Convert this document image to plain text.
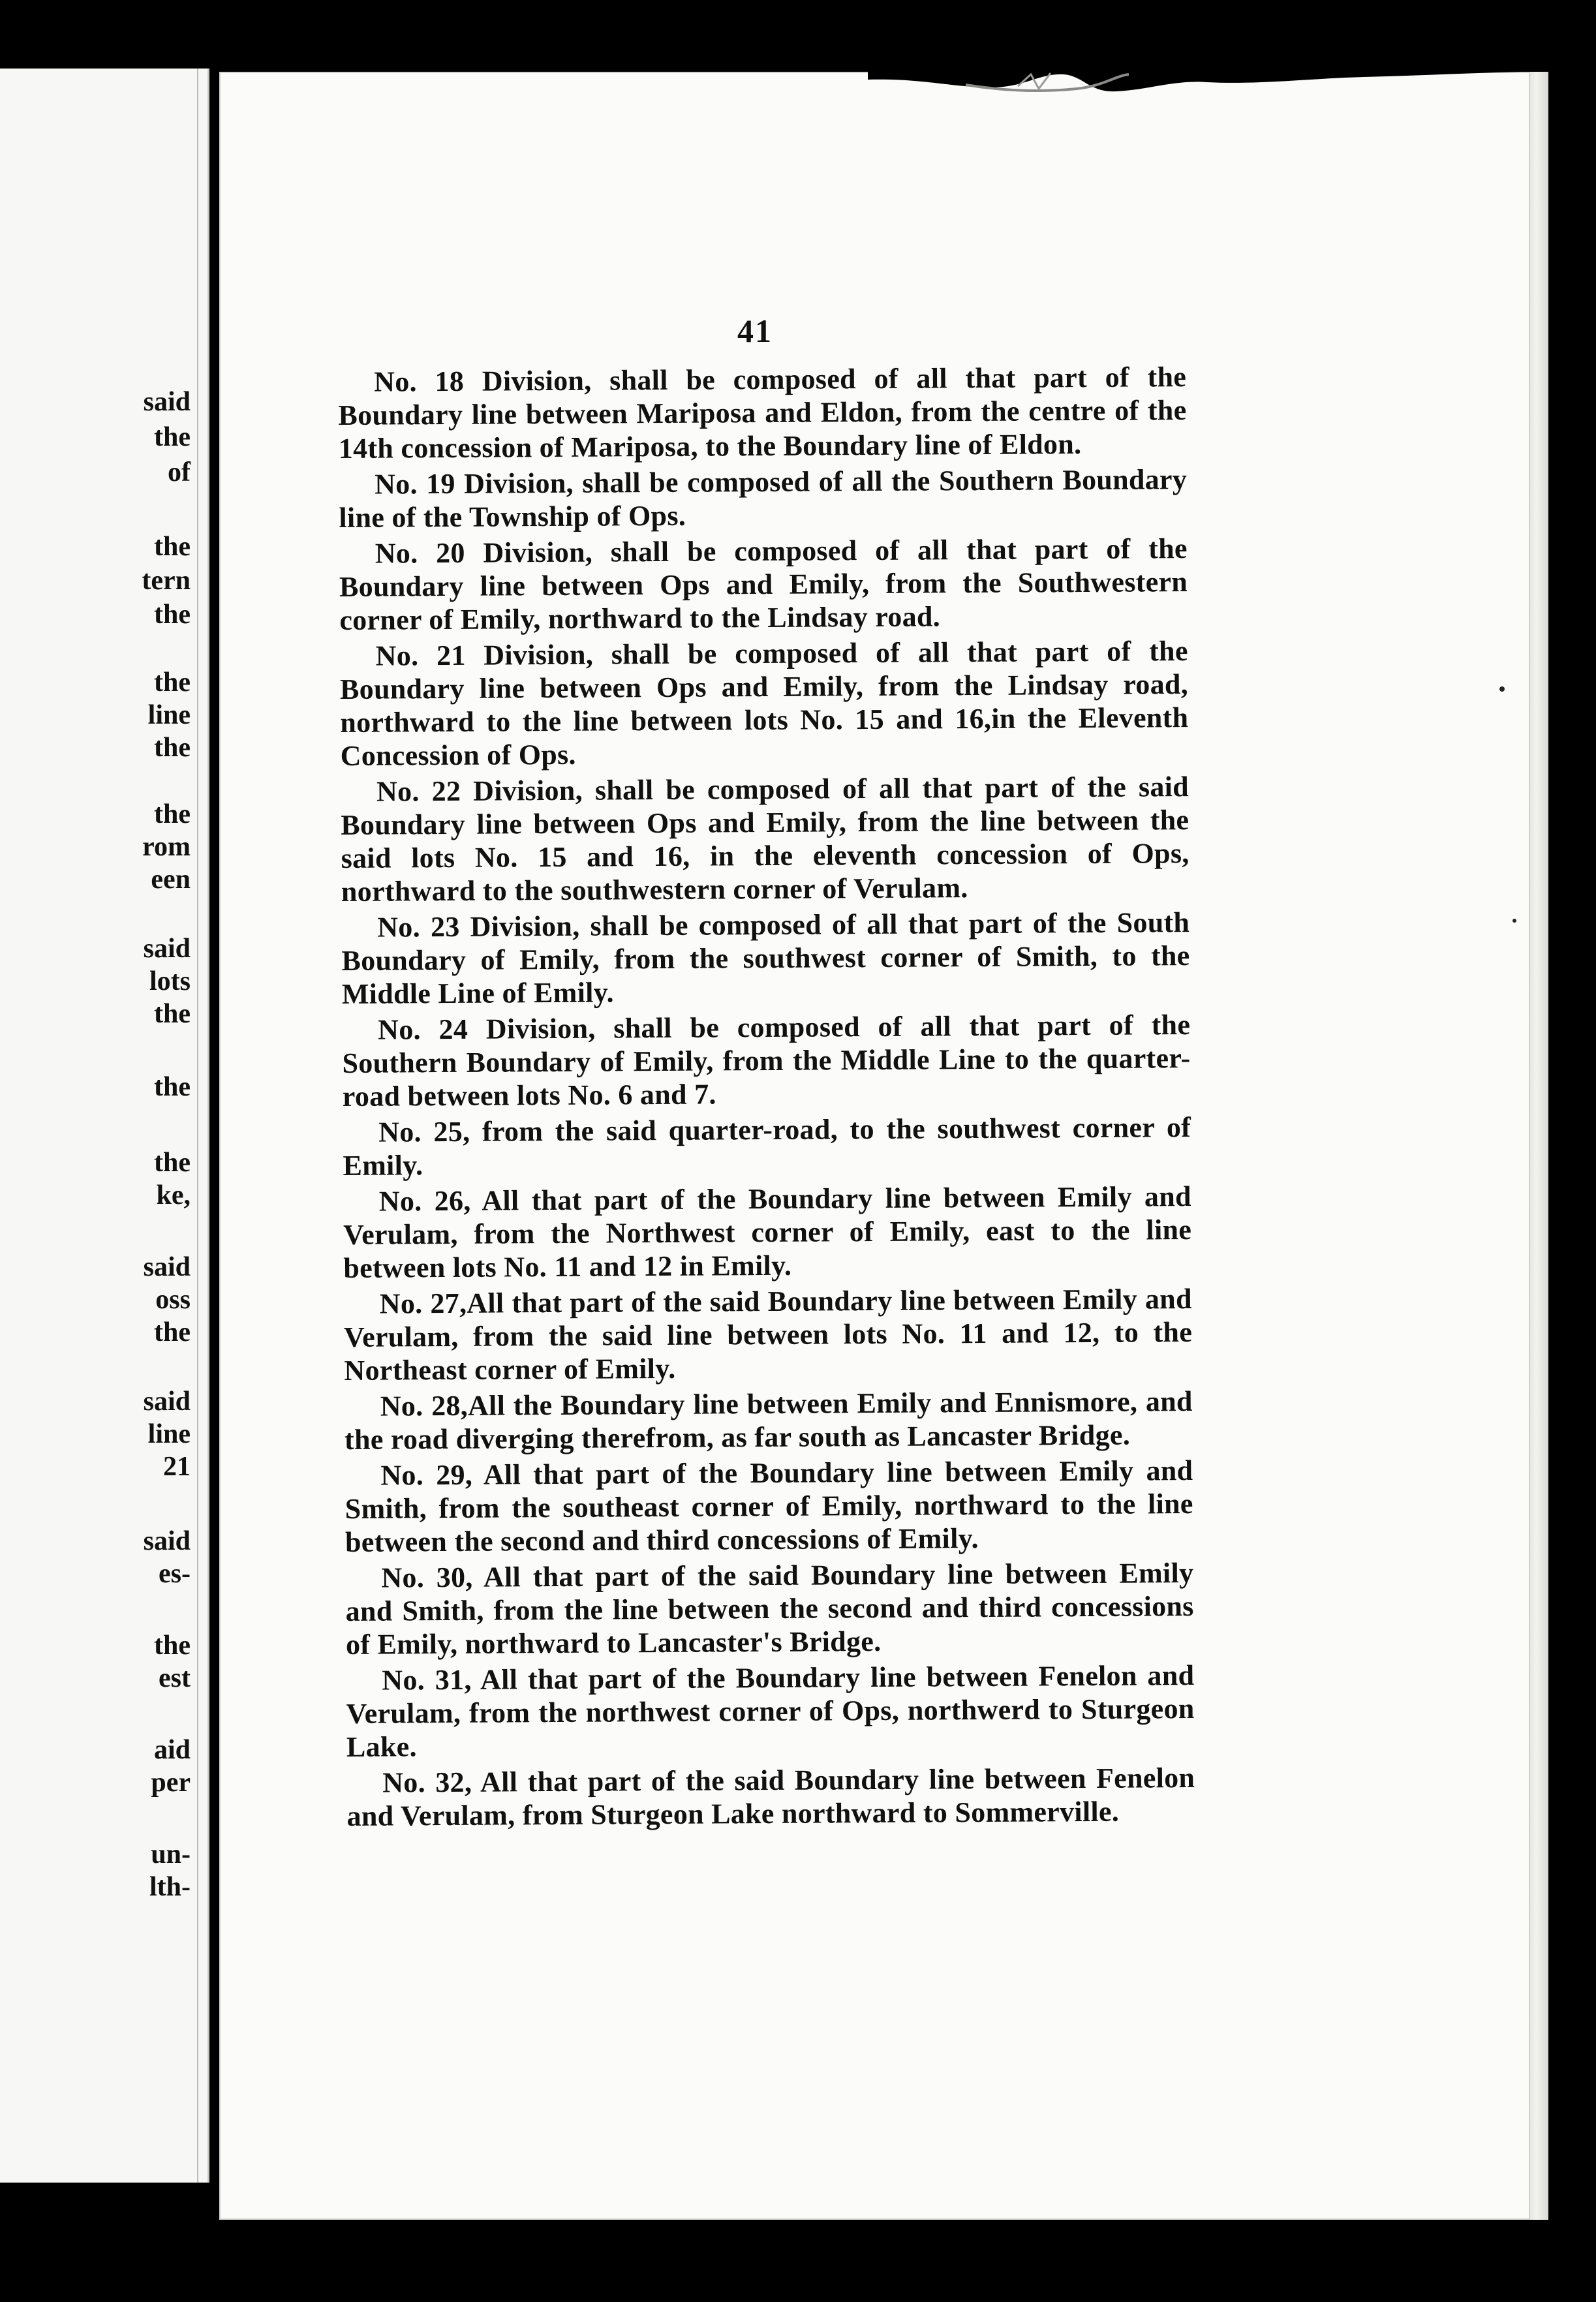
said
the
of
the
tern
the
the
line
the
the
rom
een
said
lots
the
the
the
ke,
said
oss
the
said
line
21
said
es-
the
est
aid
per
un-
lth-
41

No. 18 Division, shall be composed of all that part of the Boundary line between Mariposa and Eldon, from the centre of the 14th concession of Mariposa, to the Boundary line of Eldon.

No. 19 Division, shall be composed of all the Southern Boundary line of the Township of Ops.

No. 20 Division, shall be composed of all that part of the Boundary line between Ops and Emily, from the Southwestern corner of Emily, northward to the Lindsay road.

No. 21 Division, shall be composed of all that part of the Boundary line between Ops and Emily, from the Lindsay road, northward to the line between lots No. 15 and 16,in the Eleventh Concession of Ops.

No. 22 Division, shall be composed of all that part of the said Boundary line between Ops and Emily, from the line between the said lots No. 15 and 16, in the eleventh concession of Ops, northward to the southwestern corner of Verulam.

No. 23 Division, shall be composed of all that part of the South Boundary of Emily, from the southwest corner of Smith, to the Middle Line of Emily.

No. 24 Division, shall be composed of all that part of the Southern Boundary of Emily, from the Middle Line to the quarter-road between lots No. 6 and 7.

No. 25, from the said quarter-road, to the southwest corner of Emily.

No. 26, All that part of the Boundary line between Emily and Verulam, from the Northwest corner of Emily, east to the line between lots No. 11 and 12 in Emily.

No. 27,All that part of the said Boundary line between Emily and Verulam, from the said line between lots No. 11 and 12, to the Northeast corner of Emily.

No. 28,All the Boundary line between Emily and Ennismore, and the road diverging therefrom, as far south as Lancaster Bridge.

No. 29, All that part of the Boundary line between Emily and Smith, from the southeast corner of Emily, northward to the line between the second and third concessions of Emily.

No. 30, All that part of the said Boundary line between Emily and Smith, from the line between the second and third concessions of Emily, northward to Lancaster's Bridge.

No. 31, All that part of the Boundary line between Fenelon and Verulam, from the northwest corner of Ops, northwerd to Sturgeon Lake.

No. 32, All that part of the said Boundary line between Fenelon and Verulam, from Sturgeon Lake northward to Sommerville.
